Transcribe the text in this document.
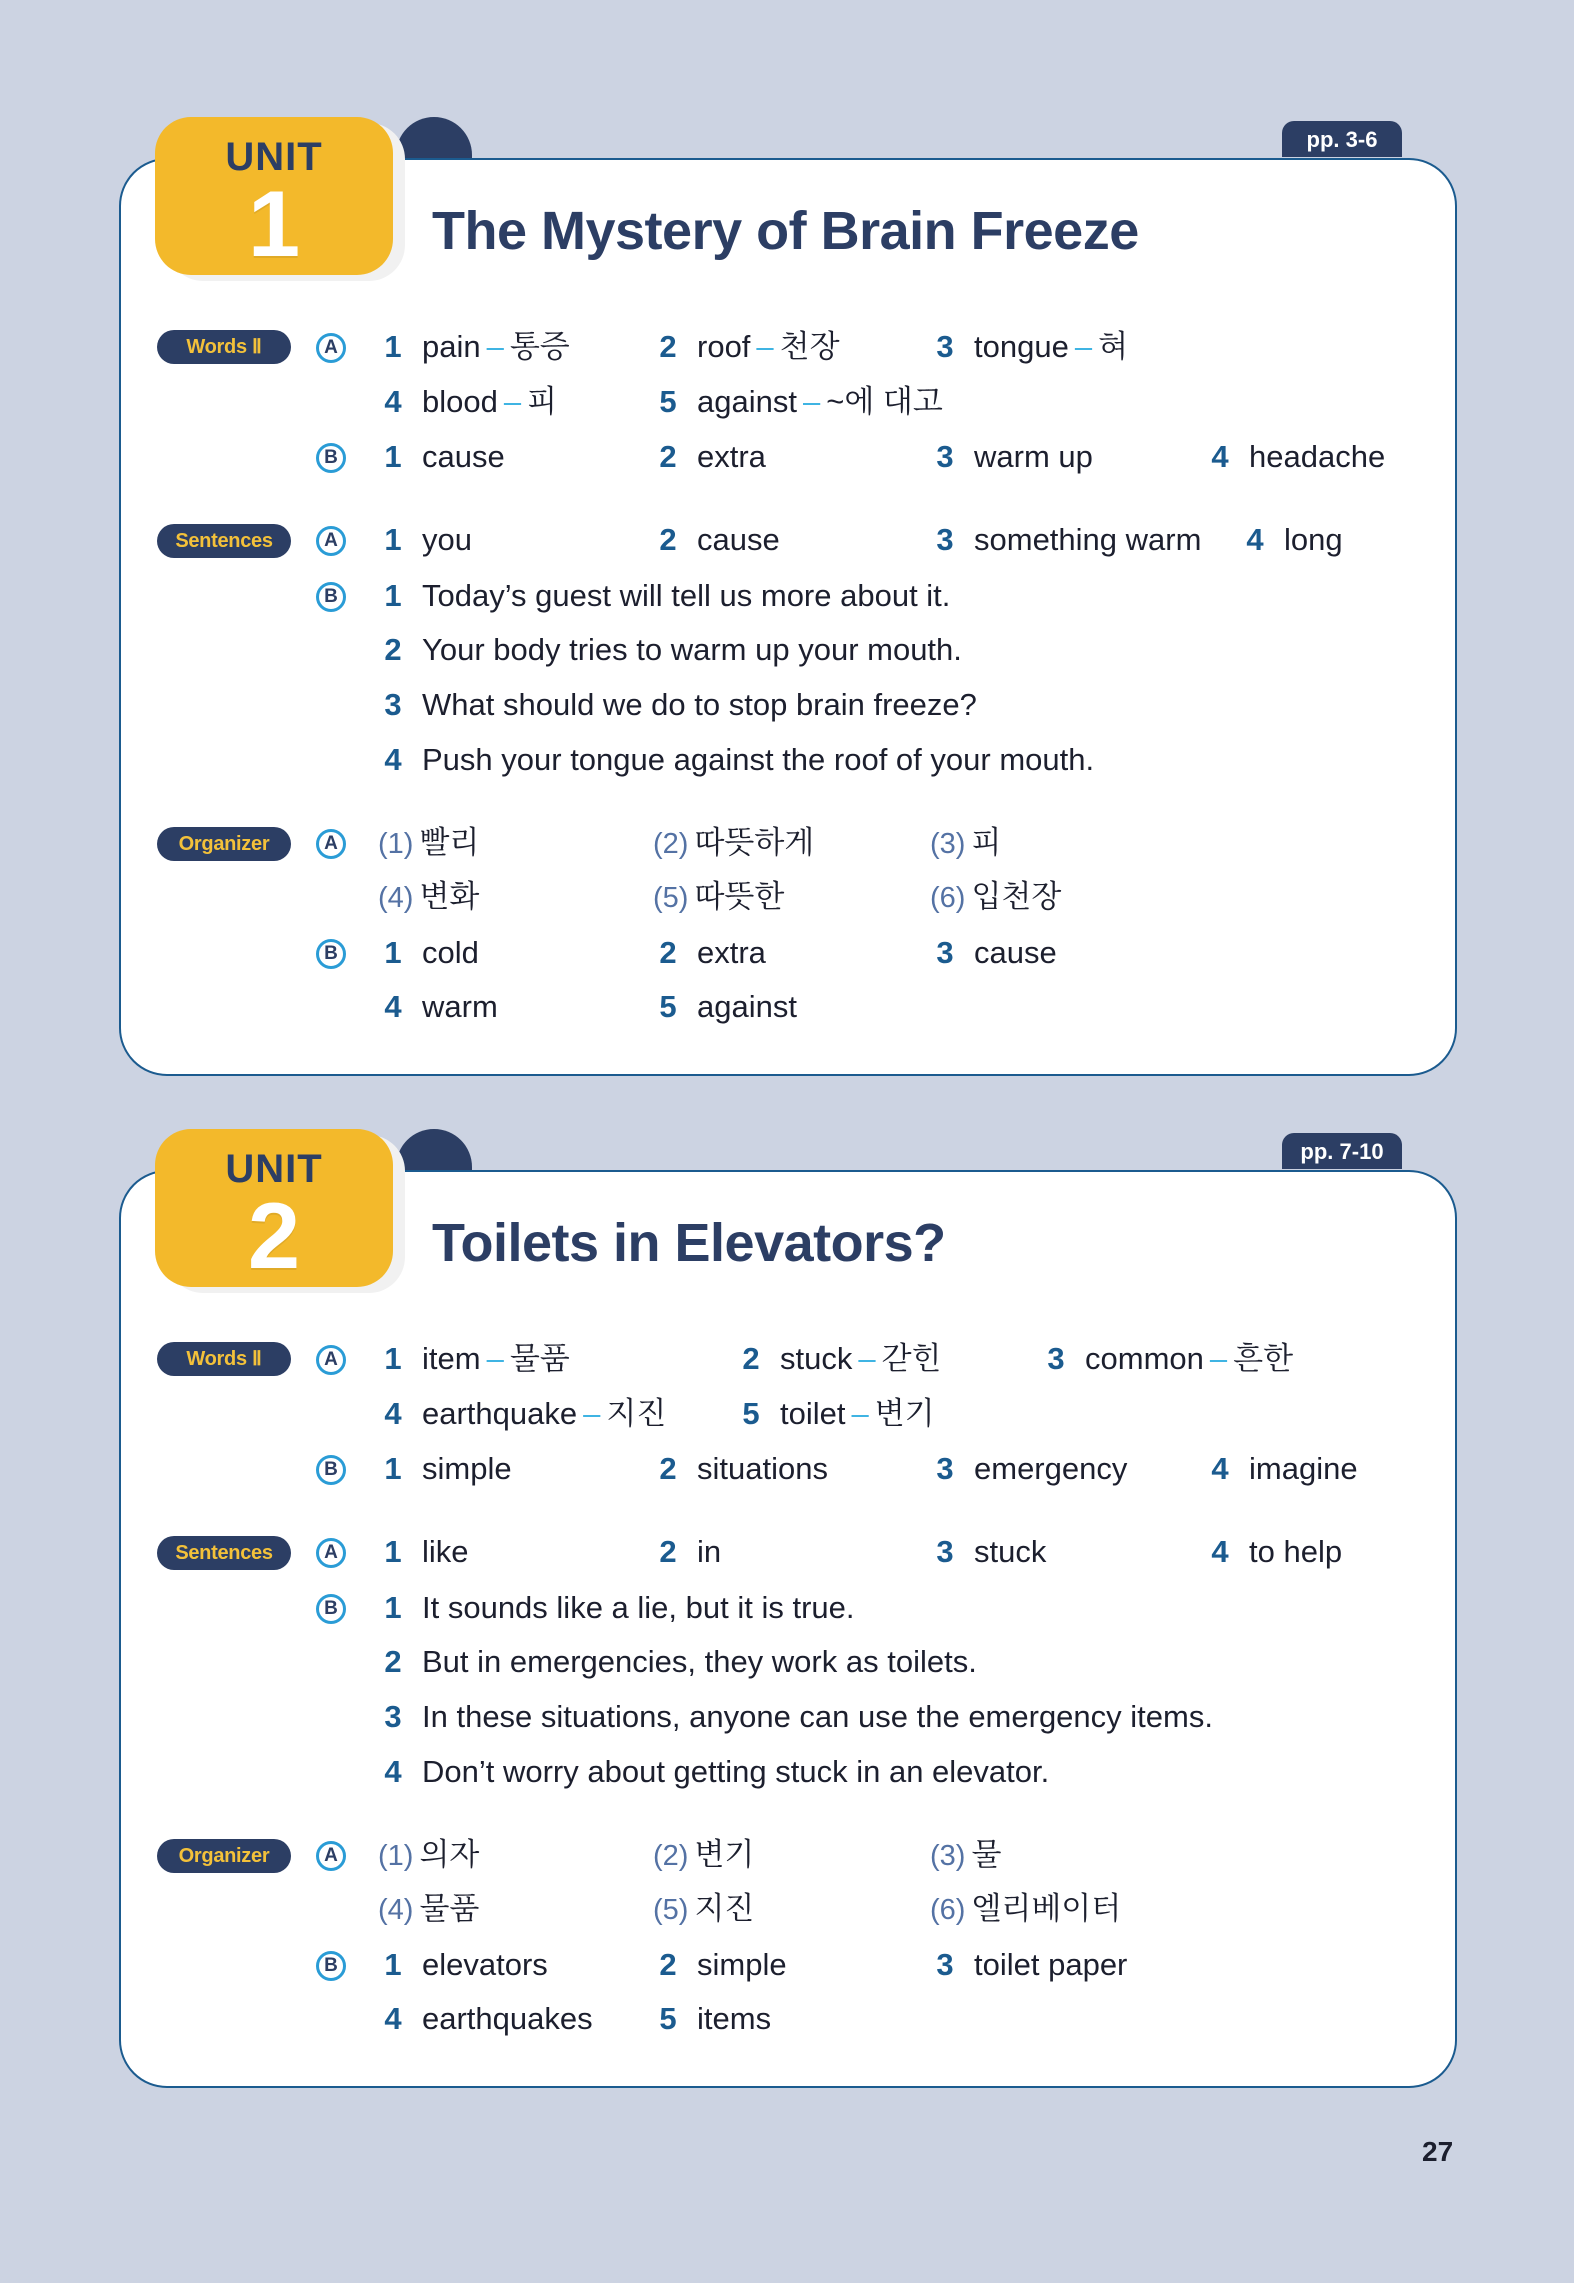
UNIT
1
pp. 3-6
The Mystery of Brain Freeze
Words Ⅱ	A 1 pain – 통증	2 roof – 천장	3 tongue – 혀
4 blood – 피	5 against – ~에 대고
B 1 cause	2 extra	3 warm up	4 headache
Sentences	A 1 you	2 cause	3 something warm 4 long
B 1 Today’s guest will tell us more about it.
2 Your body tries to warm up your mouth.
3 What should we do to stop brain freeze?
4 Push your tongue against the roof of your mouth.
Organizer	A (1) 빨리	(2) 따뜻하게	(3) 피
(4) 변화	(5) 따뜻한	(6) 입천장
B 1 cold	2 extra	3 cause
4 warm	5 against
UNIT
2
pp. 7-10
Toilets in Elevators?
Words Ⅱ	A 1 item – 물품	2 stuck – 갇힌	3 common – 흔한
4 earthquake – 지진 5 toilet – 변기
B 1 simple	2 situations	3 emergency	4 imagine
Sentences	A 1 like	2 in	3 stuck	4 to help
B 1 It sounds like a lie, but it is true.
2 But in emergencies, they work as toilets.
3 In these situations, anyone can use the emergency items.
4 Don’t worry about getting stuck in an elevator.
Organizer	A (1) 의자	(2) 변기	(3) 물
(4) 물품	(5) 지진	(6) 엘리베이터
B 1 elevators	2 simple	3 toilet paper
4 earthquakes 5 items
27
